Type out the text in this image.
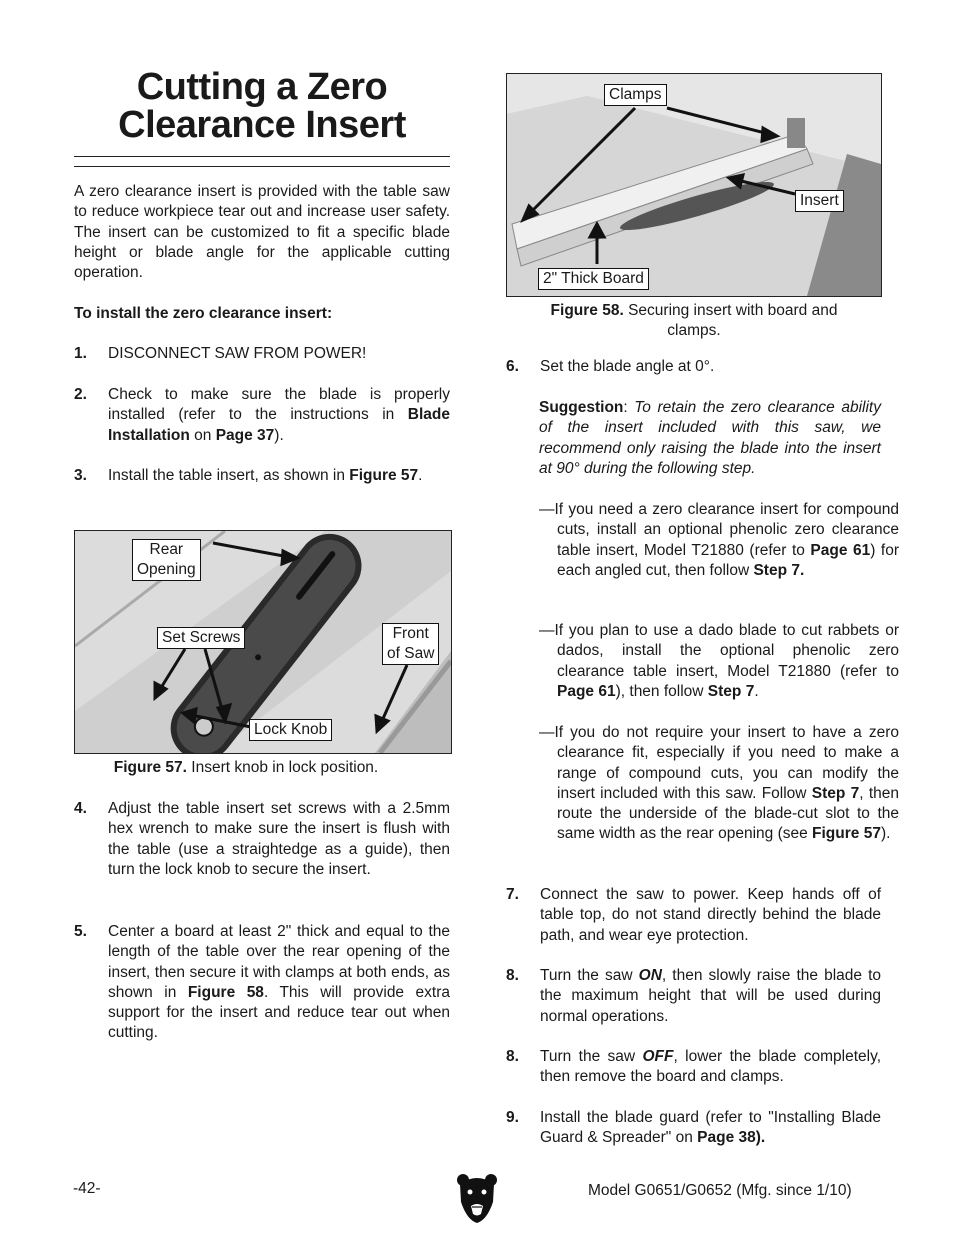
Cutting a Zero
Clearance Insert
A zero clearance insert is provided with the table saw to reduce workpiece tear out and increase user safety. The insert can be customized to fit a specific blade height or blade angle for the applicable cutting operation.
To install the zero clearance insert:
1.	DISCONNECT SAW FROM POWER!
2.	Check to make sure the blade is properly installed (refer to the instructions in Blade Installation on Page 37).
3.	Install the table insert, as shown in Figure 57.
Rear
Opening
Set Screws	Front
of Saw
Lock Knob
Figure 57. Insert knob in lock position.
4.	Adjust the table insert set screws with a 2.5mm hex wrench to make sure the insert is flush with the table (use a straightedge as a guide), then turn the lock knob to secure the insert.
5.	Center a board at least 2" thick and equal to the length of the table over the rear opening of the insert, then secure it with clamps at both ends, as shown in Figure 58. This will provide extra support for the insert and reduce tear out when cutting.
Clamps
Insert
2" Thick Board
Figure 58. Securing insert with board and clamps.
6.	Set the blade angle at 0°.
Suggestion: To retain the zero clearance ability of the insert included with this saw, we recommend only raising the blade into the insert at 90° during the following step.
—If you need a zero clearance insert for compound cuts, install an optional phenolic zero clearance table insert, Model T21880 (refer to Page 61) for each angled cut, then follow Step 7.
—If you plan to use a dado blade to cut rabbets or dados, install the optional phenolic zero clearance table insert, Model T21880 (refer to Page 61), then follow Step 7.
—If you do not require your insert to have a zero clearance fit, especially if you need to make a range of compound cuts, you can modify the insert included with this saw. Follow Step 7, then route the underside of the blade-cut slot to the same width as the rear opening (see Figure 57).
7.	Connect the saw to power. Keep hands off of table top, do not stand directly behind the blade path, and wear eye protection.
8.	Turn the saw ON, then slowly raise the blade to the maximum height that will be used during normal operations.
8.	Turn the saw OFF, lower the blade completely, then remove the board and clamps.
9.	Install the blade guard (refer to "Installing Blade Guard & Spreader" on Page 38).
-42-	Model G0651/G0652 (Mfg. since 1/10)
